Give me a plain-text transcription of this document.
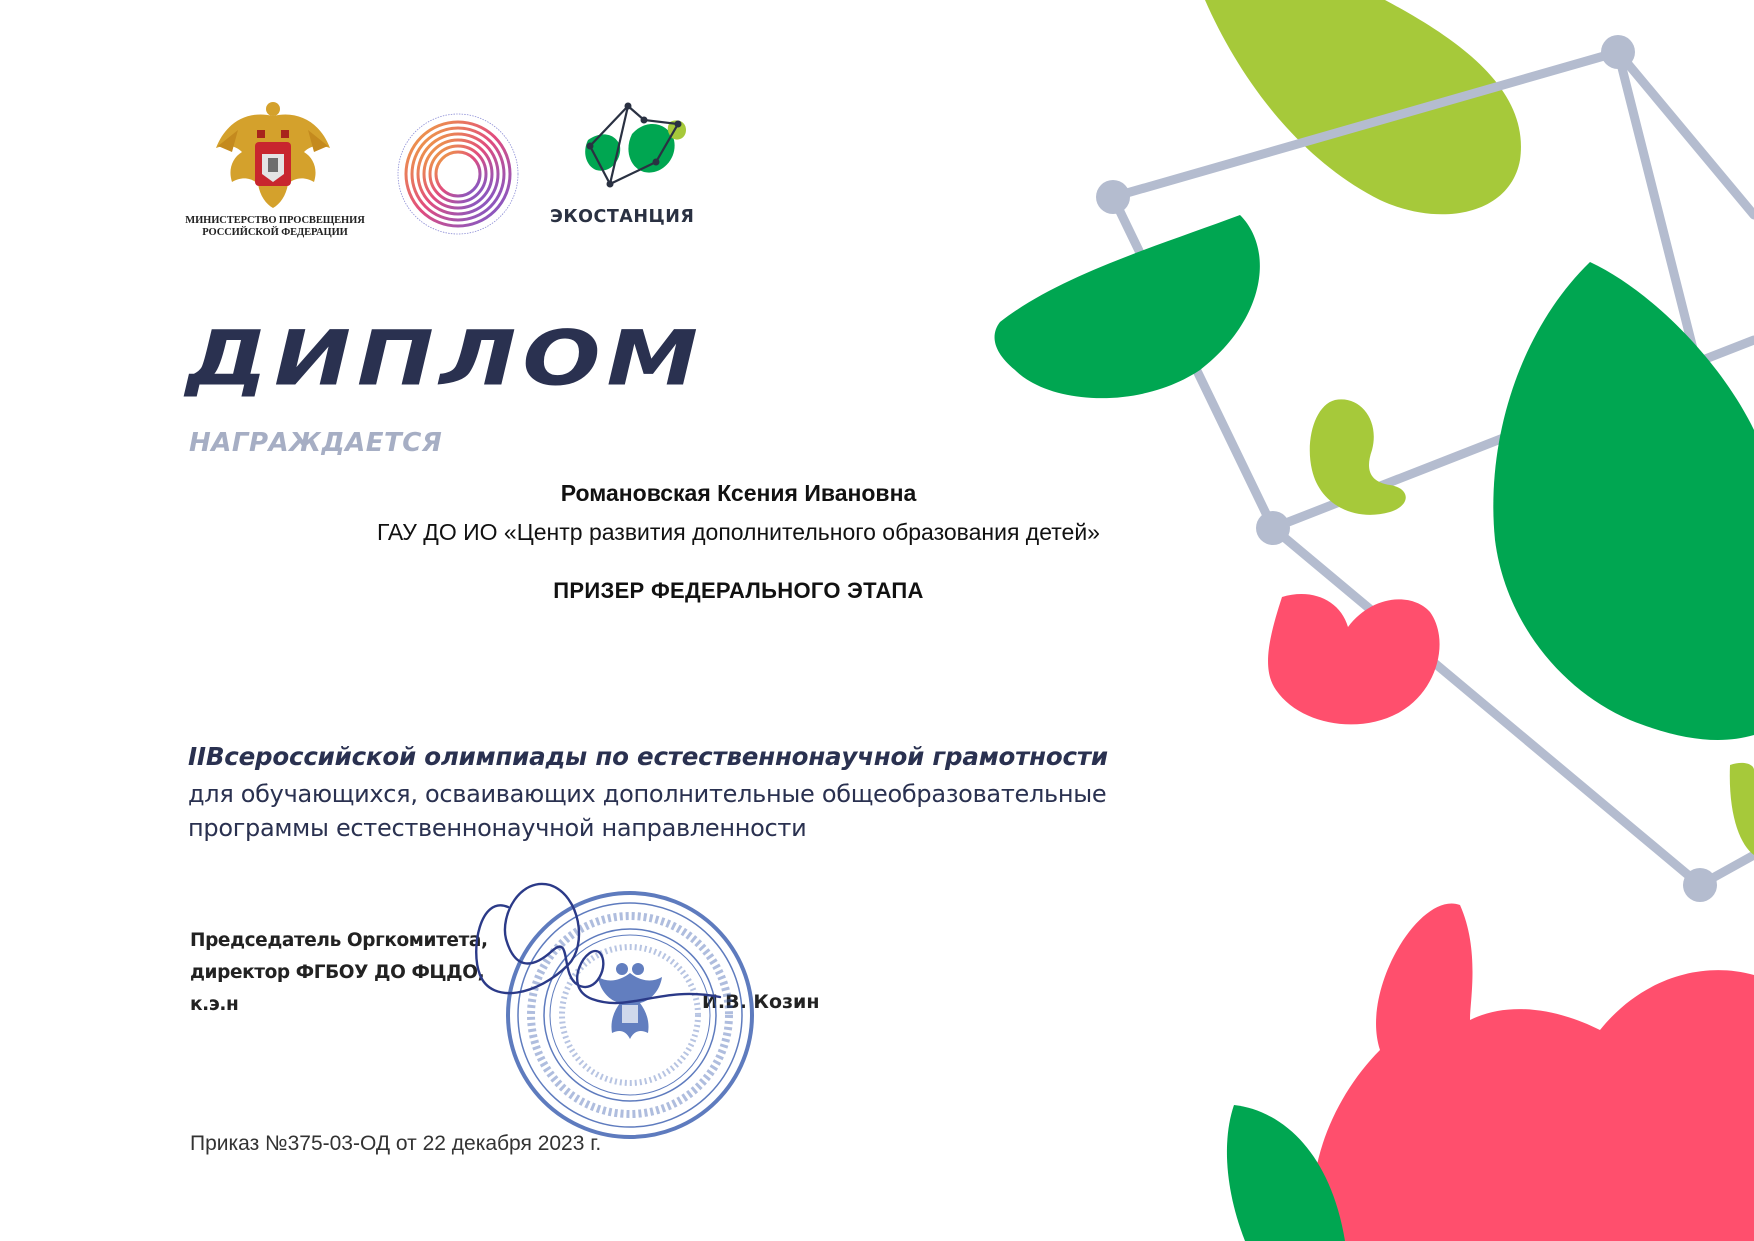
МИНИСТЕРСТВО ПРОСВЕЩЕНИЯ
РОССИЙСКОЙ ФЕДЕРАЦИИ
ЭКОСТАНЦИЯ
ДИПЛОМ
НАГРАЖДАЕТСЯ
Романовская Ксения Ивановна
ГАУ ДО ИО «Центр развития дополнительного образования детей»
ПРИЗЕР ФЕДЕРАЛЬНОГО ЭТАПА
IIВсероссийской олимпиады по естественнонаучной грамотности
для обучающихся, осваивающих дополнительные общеобразовательные
программы естественнонаучной направленности
Председатель Оргкомитета,
директор ФГБОУ ДО ФЦДО,
к.э.н	И.В. Козин
Приказ №375-03-ОД от 22 декабря 2023 г.
